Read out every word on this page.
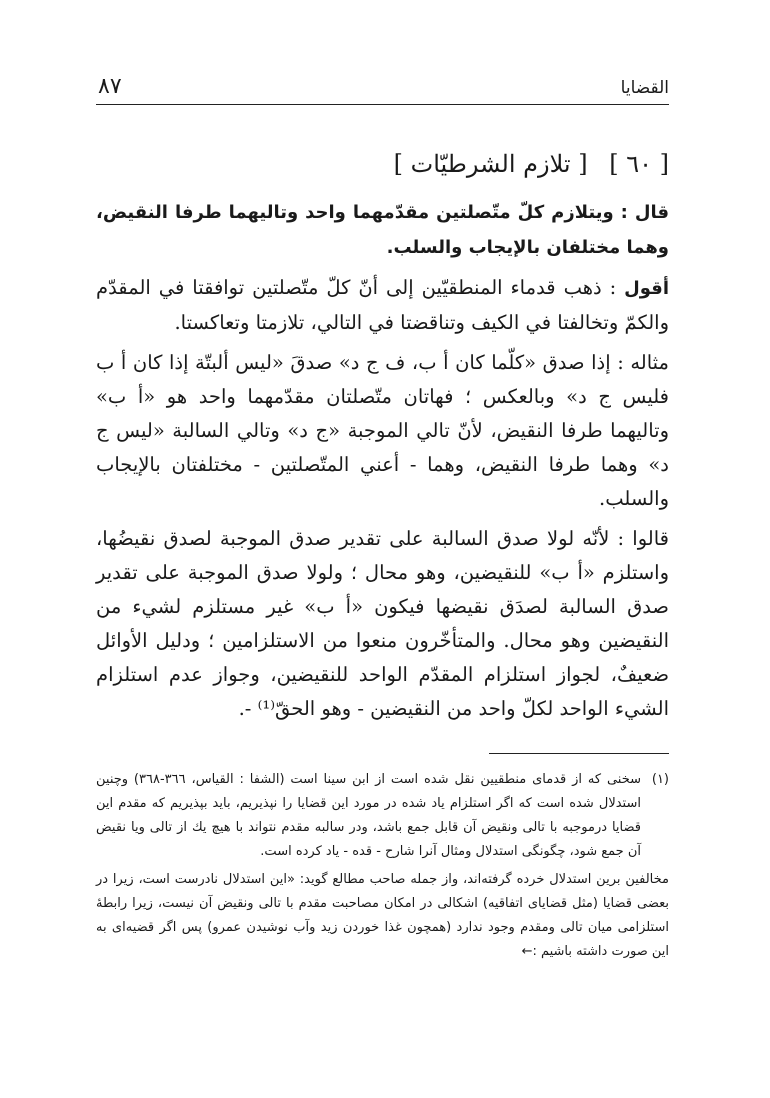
القضايا
٨٧
[ ٦٠ ] [ تلازم الشرطيّات ]

قال : ويتلازم كلّ متّصلتين مقدّمهما واحد وتاليهما طرفا النقيض، وهما مختلفان بالإيجاب والسلب.

أقول : ذهب قدماء المنطقيّين إلى أنّ كلّ متّصلتين توافقتا في المقدّم والكمّ وتخالفتا في الكيف وتناقضتا في التالي، تلازمتا وتعاكستا.

مثاله : إذا صدق «كلّما كان أ ب، ف ج د» صدقَ «ليس ألبتّة إذا كان أ ب فليس ج د» وبالعكس ؛ فهاتان متّصلتان مقدّمهما واحد هو «أ ب» وتاليهما طرفا النقيض، لأنّ تالي الموجبة «ج د» وتالي السالبة «ليس ج د» وهما طرفا النقيض، وهما - أعني المتّصلتين - مختلفتان بالإيجاب والسلب.

قالوا : لأنّه لولا صدق السالبة على تقدير صدق الموجبة لصدق نقيضُها، واستلزم «أ ب» للنقيضين، وهو محال ؛ ولولا صدق الموجبة على تقدير صدق السالبة لصدَق نقيضها فيكون «أ ب» غير مستلزم لشيء من النقيضين وهو محال. والمتأخّرون منعوا من الاستلزامين ؛ ودليل الأوائل ضعيفٌ، لجواز استلزام المقدّم الواحد للنقيضين، وجواز عدم استلزام الشيء الواحد لكلّ واحد من النقيضين - وهو الحقّ⁽¹⁾ -.

(١)

سخنى كه از قدماى منطقيين نقل شده است از ابن سينا است (الشفا : القياس، ٣٦٦-٣٦٨) وچنين استدلال شده است كه اگر استلزام ياد شده در مورد اين قضايا را نپذيريم، بايد بپذيريم كه مقدم اين قضايا درموجبه با تالى ونقيض آن قابل جمع باشد، ودر سالبه مقدم نتواند با هيچ يك از تالى ويا نقيض آن جمع شود، چگونگى استدلال ومثال آنرا شارح - قده - ياد كرده است.

مخالفين برين استدلال خرده گرفته‌اند، واز جمله صاحب مطالع گويد: «اين استدلال نادرست است، زيرا در بعضى قضايا (مثل قضاياى اتفاقيه) اشكالى در امكان مصاحبت مقدم با تالى ونقيض آن نيست، زيرا رابطهٔ استلزامى ميان تالى ومقدم وجود ندارد (همچون غذا خوردن زيد وآب نوشيدن عمرو) پس اگر قضيه‌اى به اين صورت داشته باشيم :←
